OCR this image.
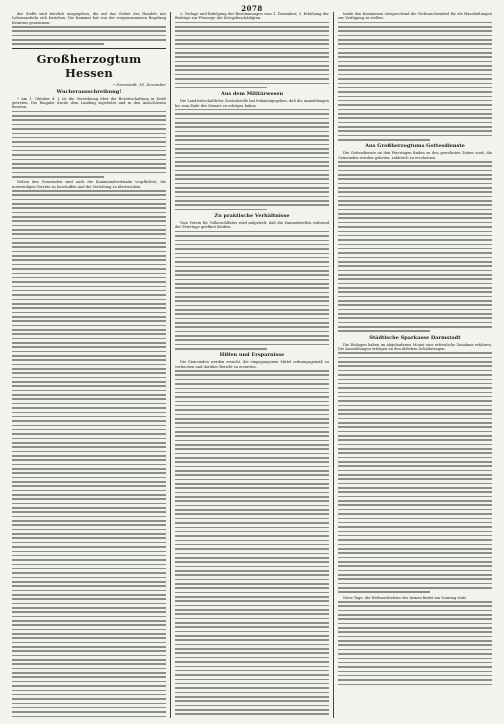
2078

der Stoffe sind kürzlich ausgegeben, die auf das Gebiet des Handels mit Lebensmitteln sich beziehen. Die Kammer hat von der vorgenommenen Regelung Kenntnis genommen.

Großherzogtum Hessen
• Darmstadt, 16. Dezember
Wucherausschreibung!

• Am 1. Oktober d. J. ist die Verordnung über die Bewirtschaftung in Kraft getreten. Die Eingabe wurde dem Landtag zugeleitet und in den Ausschüssen beraten.

Neben den Gemeinden sind auch die Kommunalverbände verpflichtet, die notwendigen Vorräte zu beschaffen und die Verteilung zu überwachen.

2. Verlage und Befolgung der Bestimmungen vom 1. Dezember; 3. Erhöhung der Beiträge zur Fürsorge der Kriegsbeschädigten.

Aus dem Militärwesen

Die Landwirtschaftliche Zentralstelle hat bekanntgegeben, daß die Anmeldungen bis zum Ende des Monats zu erfolgen haben.

Zu praktische Verhältnisse

Vom Verein für Volkswohlfahrt wird mitgeteilt, daß die Sammelstellen während der Feiertage geöffnet bleiben.

Hilfen und Ersparnisse

Die Gemeinden werden ersucht, die eingegangenen Mittel ordnungsgemäß zu verbuchen und darüber Bericht zu erstatten.

tende den Kommunen entsprechend die Verbrauchsmittel für die Haushaltungen zur Verfügung zu stellen.

Aus Großherzogtums Gottesdienste

Die Gottesdienste an den Feiertagen finden zu den gewohnten Zeiten statt; die Gemeinden werden gebeten, zahlreich zu erscheinen.

Städtische Sparkasse Darmstadt

Die Einlagen haben im abgelaufenen Monat eine erfreuliche Zunahme erfahren. Die Auszahlungen erfolgen an den üblichen Schaltertagen.

Neue Tage, die Weihnachtsfeier der Armen findet am Sonntag statt.
